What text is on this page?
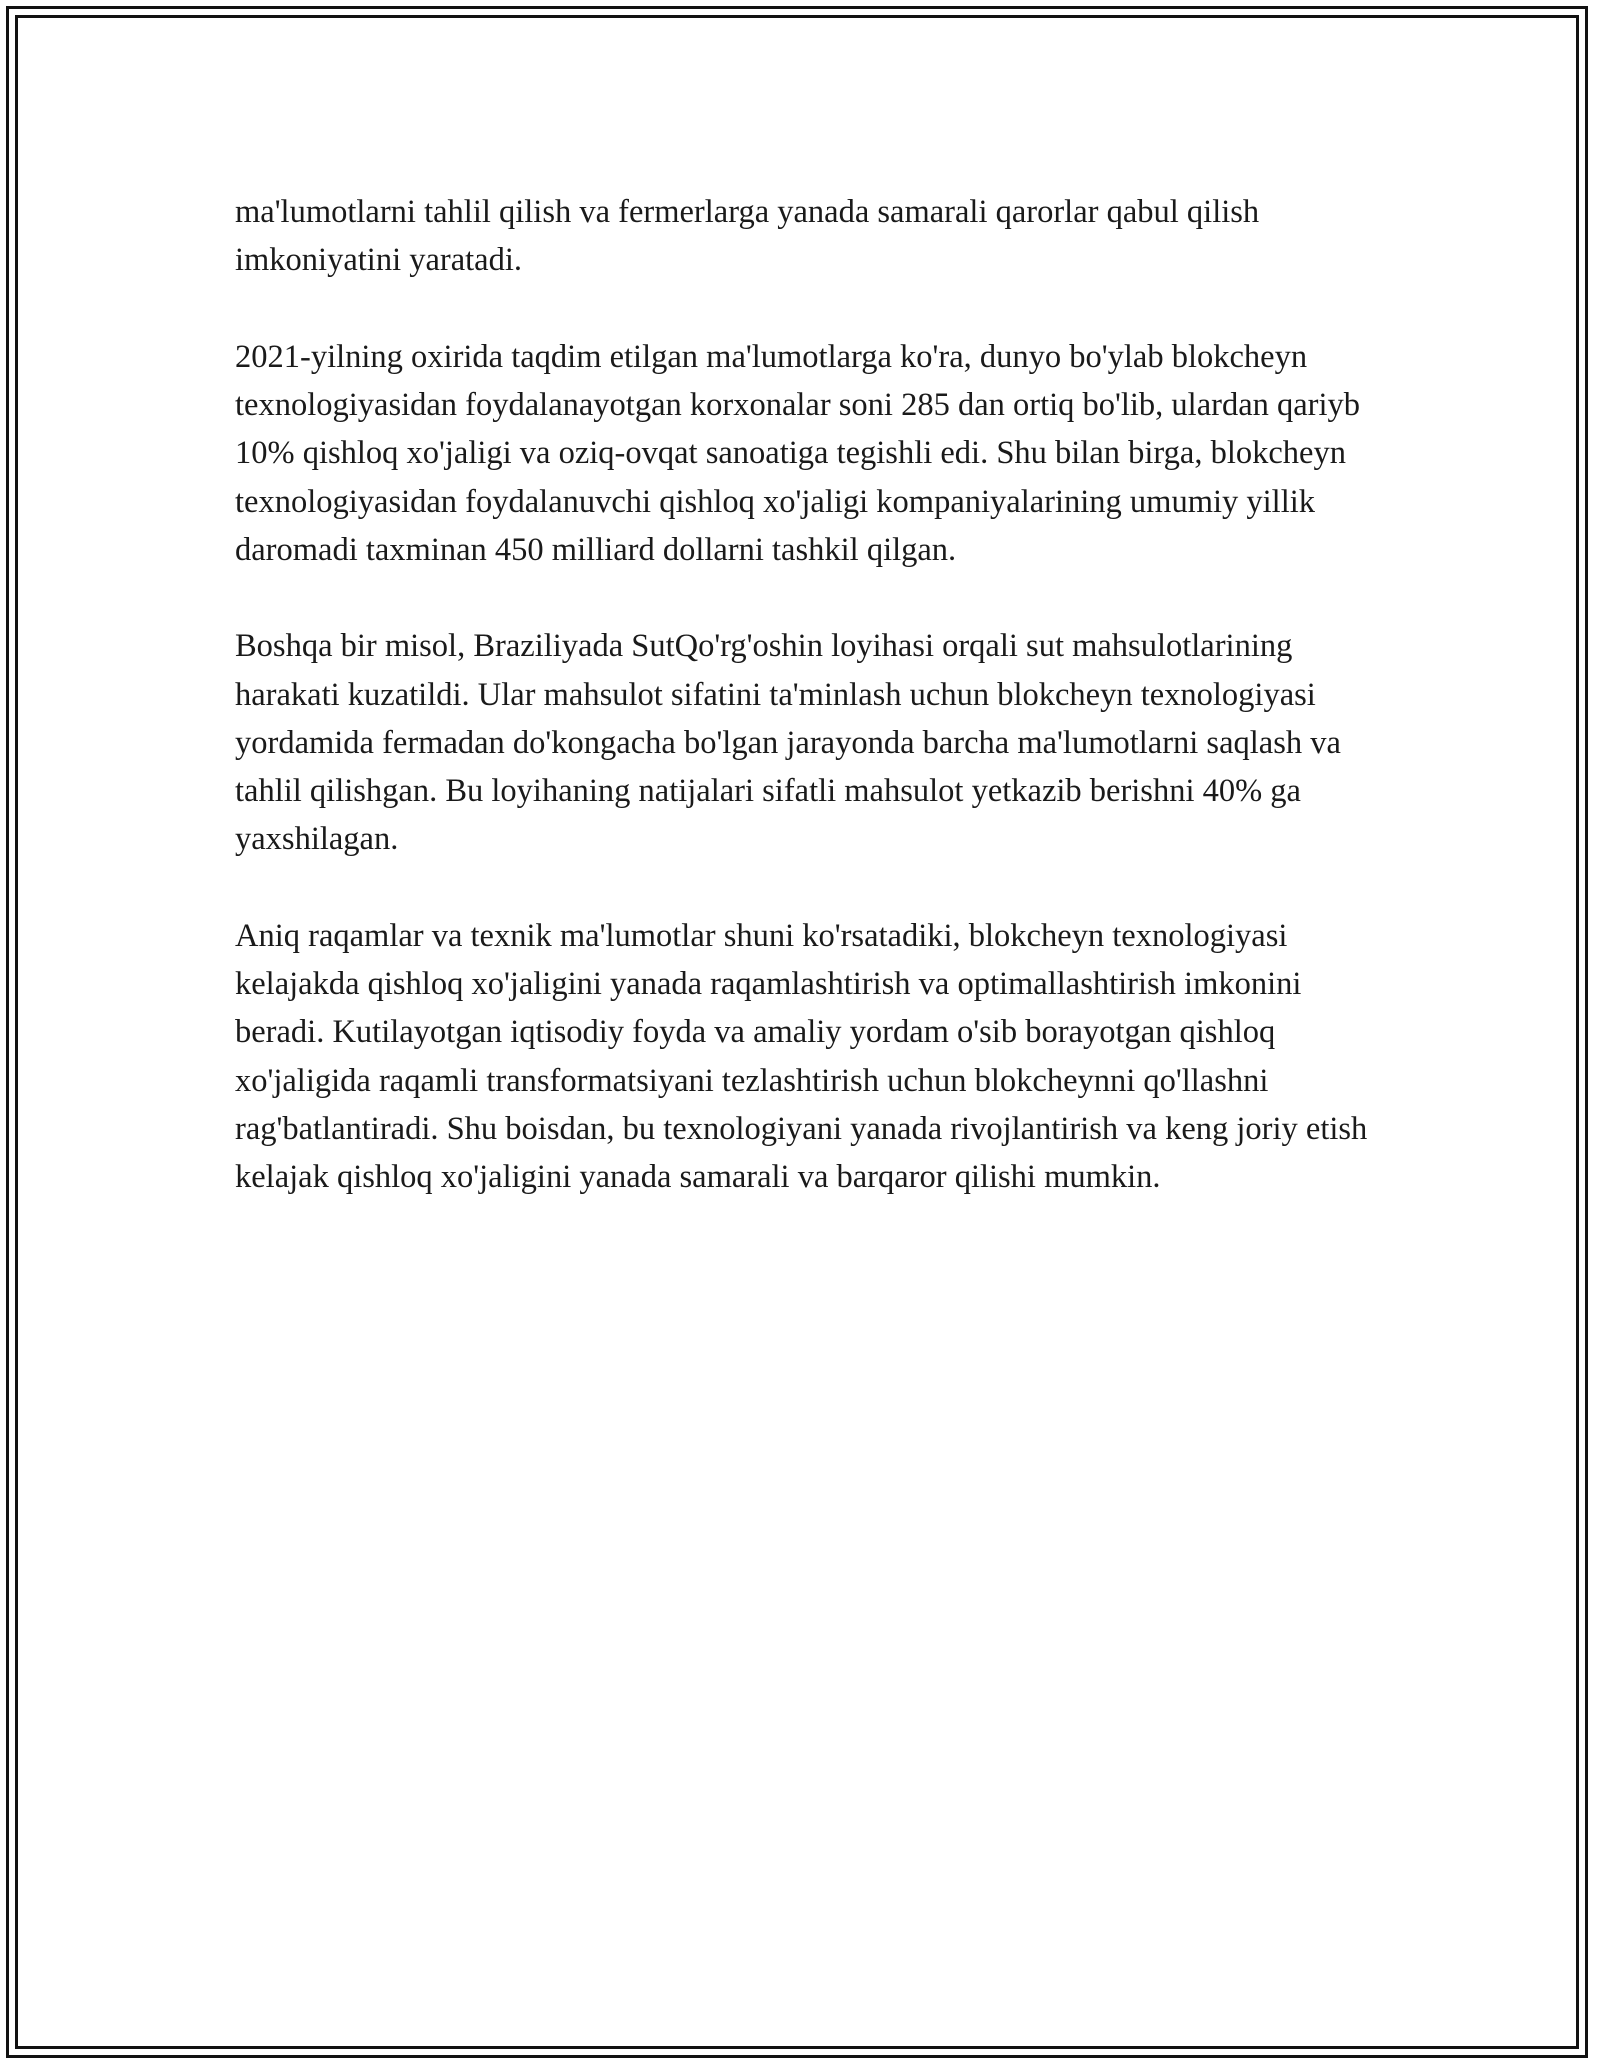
ma'lumotlarni tahlil qilish va fermerlarga yanada samarali qarorlar qabul qilish imkoniyatini yaratadi.

2021-yilning oxirida taqdim etilgan ma'lumotlarga ko'ra, dunyo bo'ylab blokcheyn texnologiyasidan foydalanayotgan korxonalar soni 285 dan ortiq bo'lib, ulardan qariyb 10% qishloq xo'jaligi va oziq-ovqat sanoatiga tegishli edi. Shu bilan birga, blokcheyn texnologiyasidan foydalanuvchi qishloq xo'jaligi kompaniyalarining umumiy yillik daromadi taxminan 450 milliard dollarni tashkil qilgan.

Boshqa bir misol, Braziliyada SutQo'rg'oshin loyihasi orqali sut mahsulotlarining harakati kuzatildi. Ular mahsulot sifatini ta'minlash uchun blokcheyn texnologiyasi yordamida fermadan do'kongacha bo'lgan jarayonda barcha ma'lumotlarni saqlash va tahlil qilishgan. Bu loyihaning natijalari sifatli mahsulot yetkazib berishni 40% ga yaxshilagan.

Aniq raqamlar va texnik ma'lumotlar shuni ko'rsatadiki, blokcheyn texnologiyasi kelajakda qishloq xo'jaligini yanada raqamlashtirish va optimallashtirish imkonini beradi. Kutilayotgan iqtisodiy foyda va amaliy yordam o'sib borayotgan qishloq xo'jaligida raqamli transformatsiyani tezlashtirish uchun blokcheynni qo'llashni rag'batlantiradi. Shu boisdan, bu texnologiyani yanada rivojlantirish va keng joriy etish kelajak qishloq xo'jaligini yanada samarali va barqaror qilishi mumkin.
